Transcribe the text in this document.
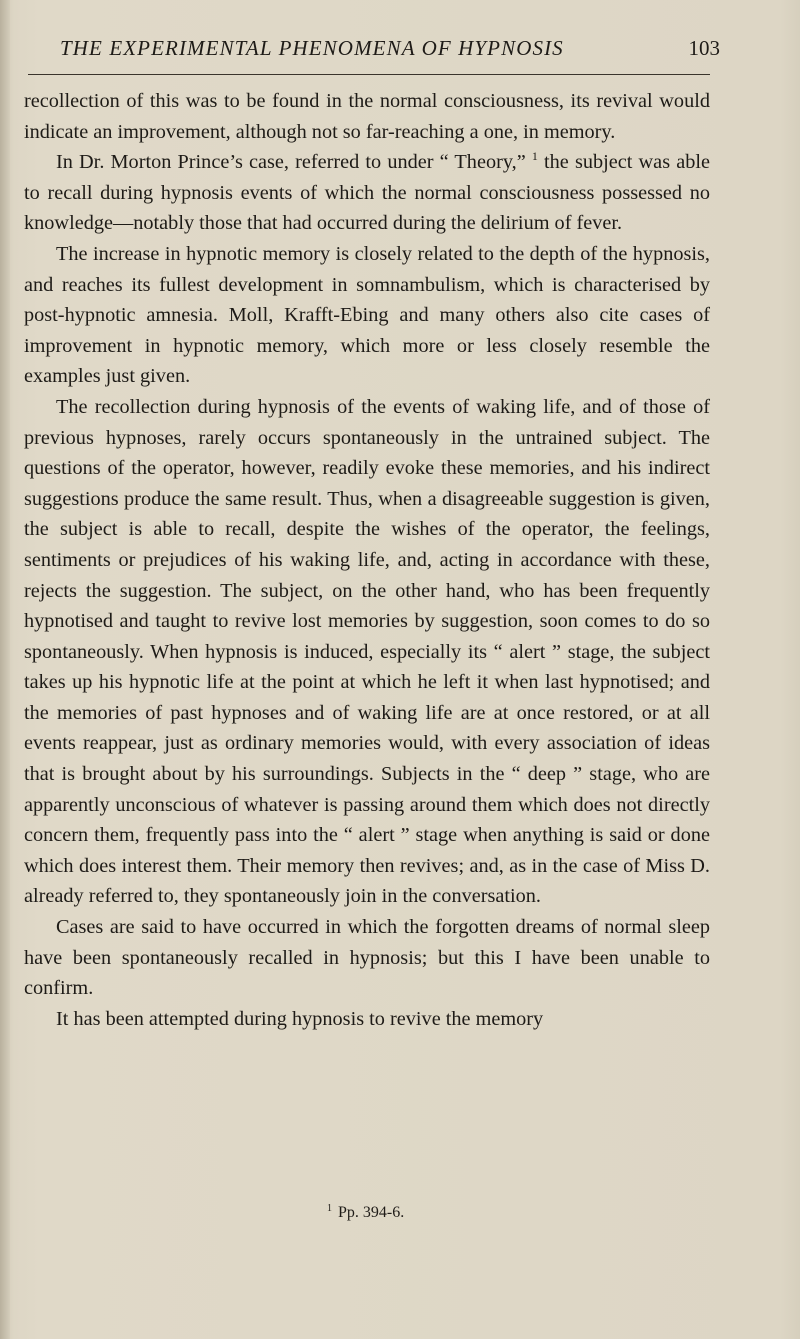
THE EXPERIMENTAL PHENOMENA OF HYPNOSIS	103

recollection of this was to be found in the normal consciousness, its revival would indicate an improvement, although not so far-reaching a one, in memory.

In Dr. Morton Prince’s case, referred to under “ Theory,” $^1$ the subject was able to recall during hypnosis events of which the normal consciousness possessed no knowledge—notably those that had occurred during the delirium of fever.

The increase in hypnotic memory is closely related to the depth of the hypnosis, and reaches its fullest development in somnambulism, which is characterised by post-hypnotic amnesia. Moll, Krafft-Ebing and many others also cite cases of improvement in hypnotic memory, which more or less closely resemble the examples just given.

The recollection during hypnosis of the events of waking life, and of those of previous hypnoses, rarely occurs spontaneously in the untrained subject. The questions of the operator, however, readily evoke these memories, and his indirect suggestions produce the same result. Thus, when a disagreeable suggestion is given, the subject is able to recall, despite the wishes of the operator, the feelings, sentiments or prejudices of his waking life, and, acting in accordance with these, rejects the suggestion. The subject, on the other hand, who has been frequently hypnotised and taught to revive lost memories by suggestion, soon comes to do so spontaneously. When hypnosis is induced, especially its “ alert ” stage, the subject takes up his hypnotic life at the point at which he left it when last hypnotised; and the memories of past hypnoses and of waking life are at once restored, or at all events reappear, just as ordinary memories would, with every association of ideas that is brought about by his surroundings. Subjects in the “ deep ” stage, who are apparently unconscious of whatever is passing around them which does not directly concern them, frequently pass into the “ alert ” stage when anything is said or done which does interest them. Their memory then revives; and, as in the case of Miss D. already referred to, they spontaneously join in the conversation.

Cases are said to have occurred in which the forgotten dreams of normal sleep have been spontaneously recalled in hypnosis; but this I have been unable to confirm.

It has been attempted during hypnosis to revive the memory

$^1$ Pp. 394-6.
